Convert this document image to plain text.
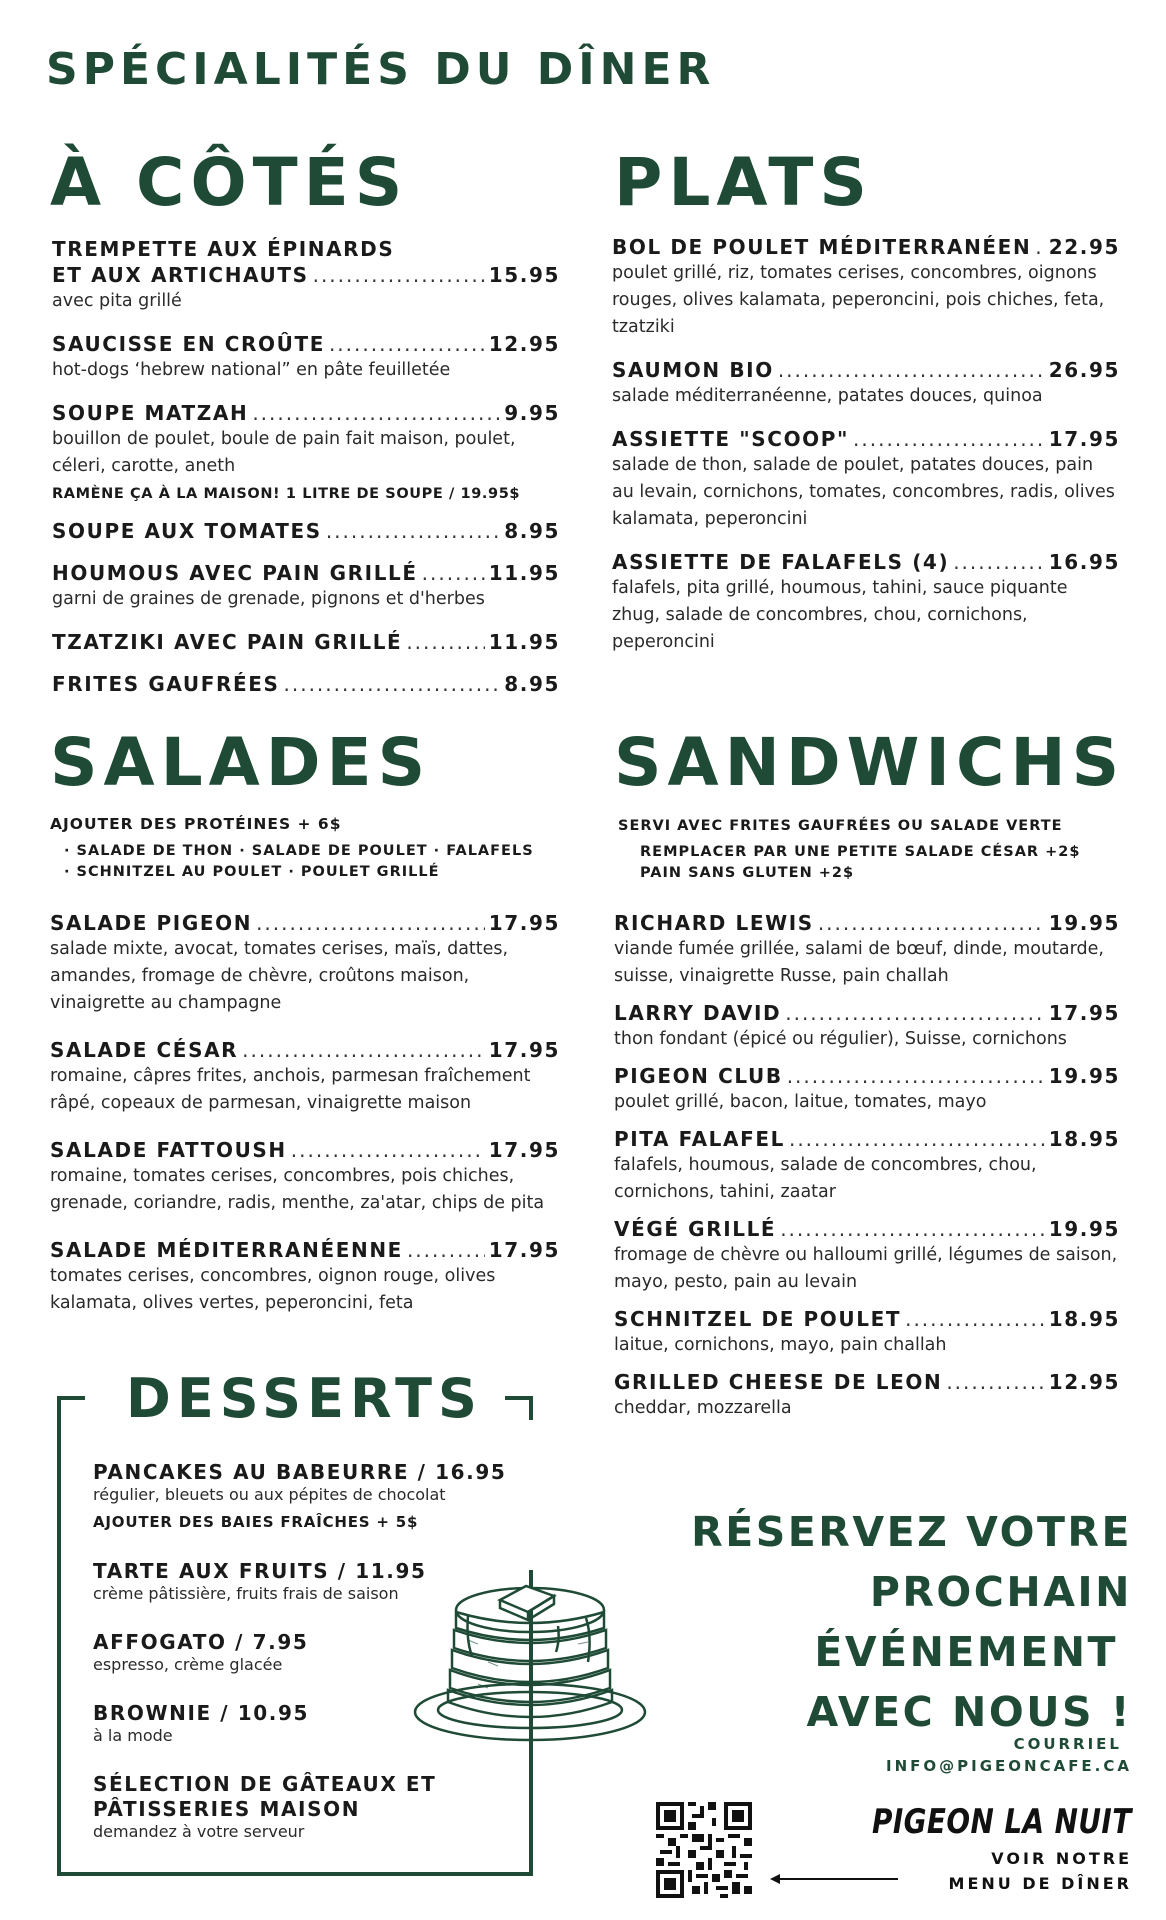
SPÉCIALITÉS DU DÎNER
À CÔTÉS
TREMPETTE AUX ÉPINARDS
ET AUX ARTICHAUTS .....	15.95
avec pita grillé
SAUCISSE EN CROÛTE .....	12.95
hot-dogs ‘hebrew national” en pâte feuilletée
SOUPE MATZAH .....	9.95
bouillon de poulet, boule de pain fait maison, poulet, céleri, carotte, aneth
RAMÈNE ÇA À LA MAISON! 1 LITRE DE SOUPE / 19.95$
SOUPE AUX TOMATES .....	8.95
HOUMOUS AVEC PAIN GRILLÉ .....	11.95
garni de graines de grenade, pignons et d'herbes
TZATZIKI AVEC PAIN GRILLÉ .....	11.95
FRITES GAUFRÉES .....	8.95
PLATS
BOL DE POULET MÉDITERRANÉEN ..... 22.95
poulet grillé, riz, tomates cerises, concombres, oignons rouges, olives kalamata, peperoncini, pois chiches, feta, tzatziki
SAUMON BIO .....	26.95
salade méditerranéenne, patates douces, quinoa
ASSIETTE "SCOOP" .....	17.95
salade de thon, salade de poulet, patates douces, pain au levain, cornichons, tomates, concombres, radis, olives kalamata, peperoncini
ASSIETTE DE FALAFELS (4) .....	16.95
falafels, pita grillé, houmous, tahini, sauce piquante zhug, salade de concombres, chou, cornichons, peperoncini
SALADES
AJOUTER DES PROTÉINES + 6$
· SALADE DE THON · SALADE DE POULET · FALAFELS
· SCHNITZEL AU POULET · POULET GRILLÉ
SALADE PIGEON .....	17.95
salade mixte, avocat, tomates cerises, maïs, dattes, amandes, fromage de chèvre, croûtons maison, vinaigrette au champagne
SALADE CÉSAR .....	17.95
romaine, câpres frites, anchois, parmesan fraîchement râpé, copeaux de parmesan, vinaigrette maison
SALADE FATTOUSH .....	17.95
romaine, tomates cerises, concombres, pois chiches, grenade, coriandre, radis, menthe, za'atar, chips de pita
SALADE MÉDITERRANÉENNE .....	17.95
tomates cerises, concombres, oignon rouge, olives kalamata, olives vertes, peperoncini, feta
SANDWICHS
SERVI AVEC FRITES GAUFRÉES OU SALADE VERTE
REMPLACER PAR UNE PETITE SALADE CÉSAR +2$
PAIN SANS GLUTEN +2$
RICHARD LEWIS .....	19.95
viande fumée grillée, salami de bœuf, dinde, moutarde, suisse, vinaigrette Russe, pain challah
LARRY DAVID .....	17.95
thon fondant (épicé ou régulier), Suisse, cornichons
PIGEON CLUB .....	19.95
poulet grillé, bacon, laitue, tomates, mayo
PITA FALAFEL .....	18.95
falafels, houmous, salade de concombres, chou, cornichons, tahini, zaatar
VÉGÉ GRILLÉ .....	19.95
fromage de chèvre ou halloumi grillé, légumes de saison, mayo, pesto, pain au levain
SCHNITZEL DE POULET .....	18.95
laitue, cornichons, mayo, pain challah
GRILLED CHEESE DE LEON .....	12.95
cheddar, mozzarella
DESSERTS
PANCAKES AU BABEURRE / 16.95
régulier, bleuets ou aux pépites de chocolat
AJOUTER DES BAIES FRAÎCHES + 5$
TARTE AUX FRUITS / 11.95
crème pâtissière, fruits frais de saison
AFFOGATO / 7.95
espresso, crème glacée
BROWNIE / 10.95
à la mode
SÉLECTION DE GÂTEAUX ET
PÂTISSERIES MAISON
demandez à votre serveur
RÉSERVEZ VOTRE
PROCHAIN
ÉVÉNEMENT
AVEC NOUS !
COURRIEL
INFO@PIGEONCAFE.CA
PIGEON LA NUIT
VOIR NOTRE
MENU DE DÎNER
